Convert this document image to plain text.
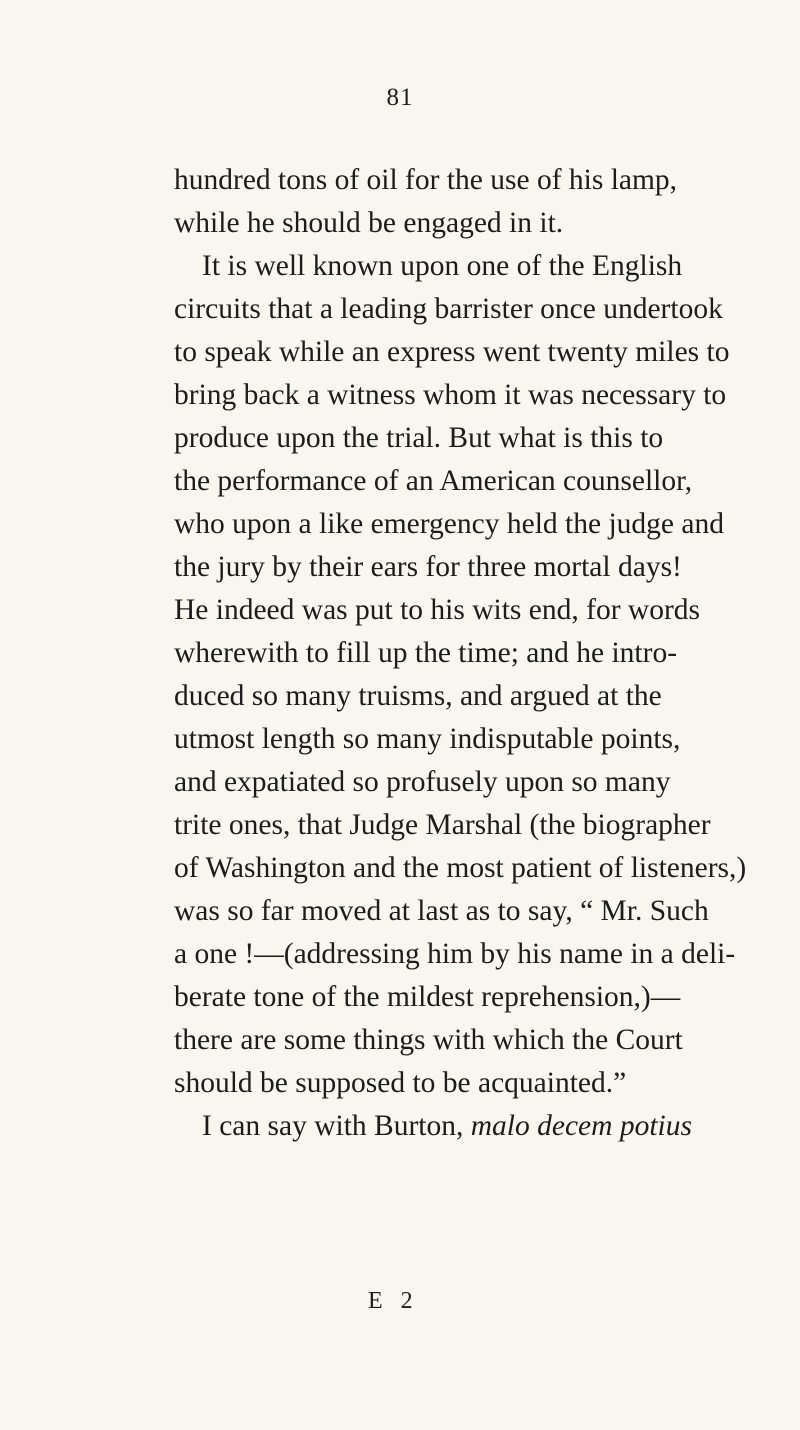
81
hundred tons of oil for the use of his lamp,
while he should be engaged in it.
It is well known upon one of the English
circuits that a leading barrister once undertook
to speak while an express went twenty miles to
bring back a witness whom it was necessary to
produce upon the trial. But what is this to
the performance of an American counsellor,
who upon a like emergency held the judge and
the jury by their ears for three mortal days!
He indeed was put to his wits end, for words
wherewith to fill up the time; and he intro-
duced so many truisms, and argued at the
utmost length so many indisputable points,
and expatiated so profusely upon so many
trite ones, that Judge Marshal (the biographer
of Washington and the most patient of listeners,)
was so far moved at last as to say, “ Mr. Such
a one !—(addressing him by his name in a deli-
berate tone of the mildest reprehension,)—
there are some things with which the Court
should be supposed to be acquainted.”
I can say with Burton, malo decem potius
E 2
